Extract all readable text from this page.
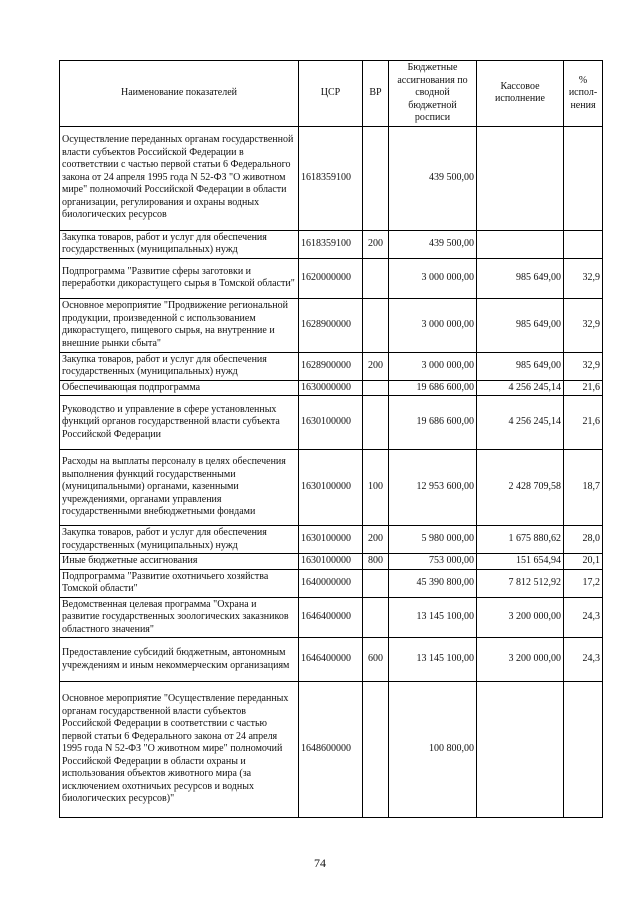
Наименование показателей	ЦСР	ВР	Бюджетные ассигнования по сводной бюджетной росписи	Кассовое исполнение	% испол-нения
Осуществление переданных органам государственной власти субъектов Российской Федерации в соответствии с частью первой статьи 6 Федерального закона от 24 апреля 1995 года N 52-ФЗ "О животном мире" полномочий Российской Федерации в области организации, регулирования и охраны водных биологических ресурсов	1618359100		439 500,00		
Закупка товаров, работ и услуг для обеспечения государственных (муниципальных) нужд	1618359100	200	439 500,00		
Подпрограмма "Развитие сферы заготовки и переработки дикорастущего сырья в Томской области"	1620000000		3 000 000,00	985 649,00	32,9
Основное мероприятие "Продвижение региональной продукции, произведенной с использованием дикорастущего, пищевого сырья, на внутренние и внешние рынки сбыта"	1628900000		3 000 000,00	985 649,00	32,9
Закупка товаров, работ и услуг для обеспечения государственных (муниципальных) нужд	1628900000	200	3 000 000,00	985 649,00	32,9
Обеспечивающая подпрограмма	1630000000		19 686 600,00	4 256 245,14	21,6
Руководство и управление в сфере установленных функций органов государственной власти субъекта Российской Федерации	1630100000		19 686 600,00	4 256 245,14	21,6
Расходы на выплаты персоналу в целях обеспечения выполнения функций государственными (муниципальными) органами, казенными учреждениями, органами управления государственными внебюджетными фондами	1630100000	100	12 953 600,00	2 428 709,58	18,7
Закупка товаров, работ и услуг для обеспечения государственных (муниципальных) нужд	1630100000	200	5 980 000,00	1 675 880,62	28,0
Иные бюджетные ассигнования	1630100000	800	753 000,00	151 654,94	20,1
Подпрограмма "Развитие охотничьего хозяйства Томской области"	1640000000		45 390 800,00	7 812 512,92	17,2
Ведомственная целевая программа "Охрана и развитие государственных зоологических заказников областного значения"	1646400000		13 145 100,00	3 200 000,00	24,3
Предоставление субсидий бюджетным, автономным учреждениям и иным некоммерческим организациям	1646400000	600	13 145 100,00	3 200 000,00	24,3
Основное мероприятие "Осуществление переданных органам государственной власти субъектов Российской Федерации в соответствии с частью первой статьи 6 Федерального закона от 24 апреля 1995 года N 52-ФЗ "О животном мире" полномочий Российской Федерации в области охраны и использования объектов животного мира (за исключением охотничьих ресурсов и водных биологических ресурсов)"	1648600000		100 800,00		
74
